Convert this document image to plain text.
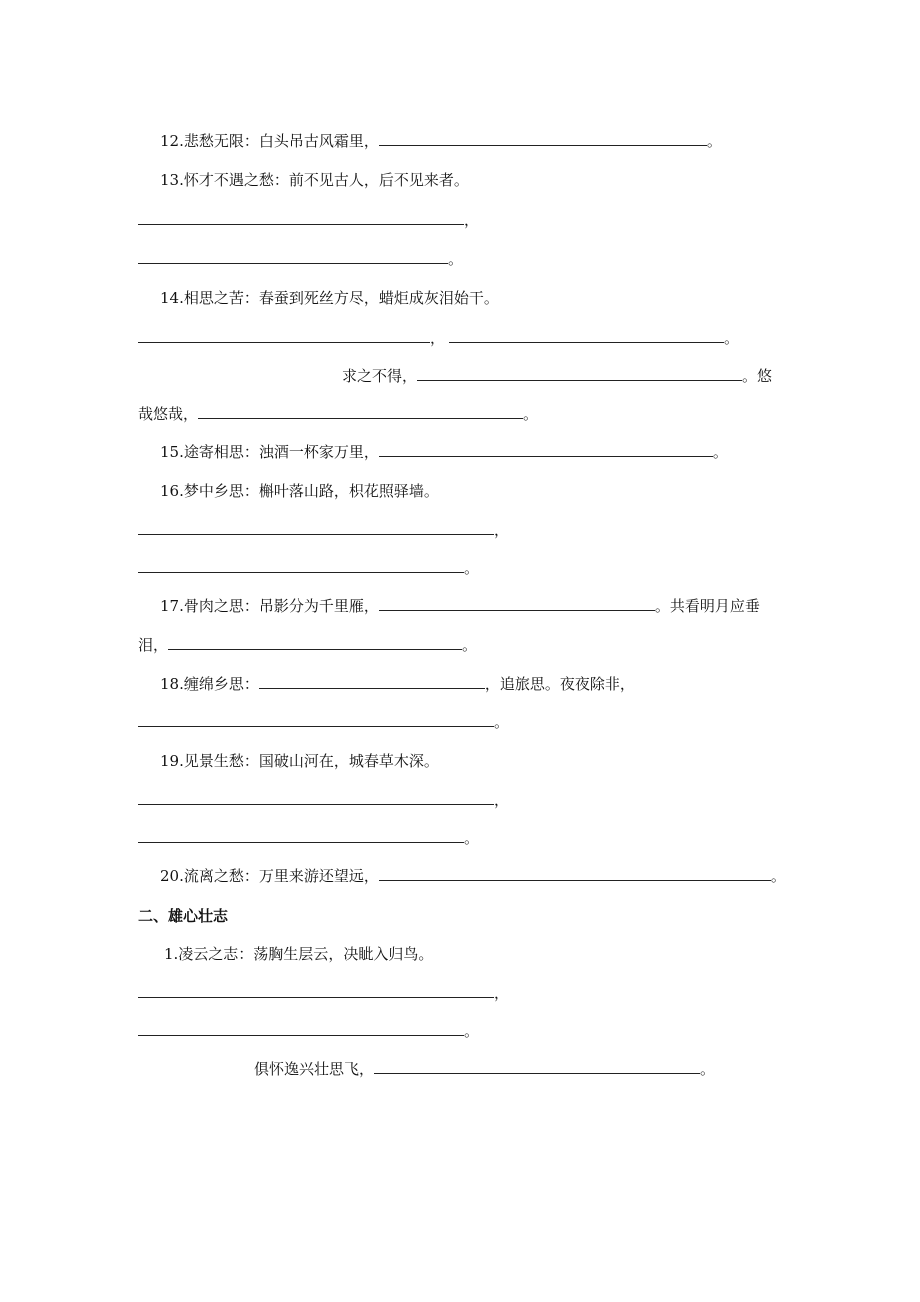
12.悲愁无限：白头吊古风霜里，	。
13.怀才不遇之愁：前不见古人，后不见来者。
，
。
14.相思之苦：春蚕到死丝方尽，蜡炬成灰泪始干。
，	。
求之不得，	。悠
哉悠哉，	。
15.途寄相思：浊酒一杯家万里，	。
16.梦中乡思：槲叶落山路，枳花照驿墙。
，
。
17.骨肉之思：吊影分为千里雁，	。共看明月应垂
泪，	。
18.缠绵乡思：	，追旅思。夜夜除非，
。
19.见景生愁：国破山河在，城春草木深。
，
。
20.流离之愁：万里来游还望远，	。
二、雄心壮志
1.凌云之志：荡胸生层云，决眦入归鸟。
，
。
俱怀逸兴壮思飞，	。
